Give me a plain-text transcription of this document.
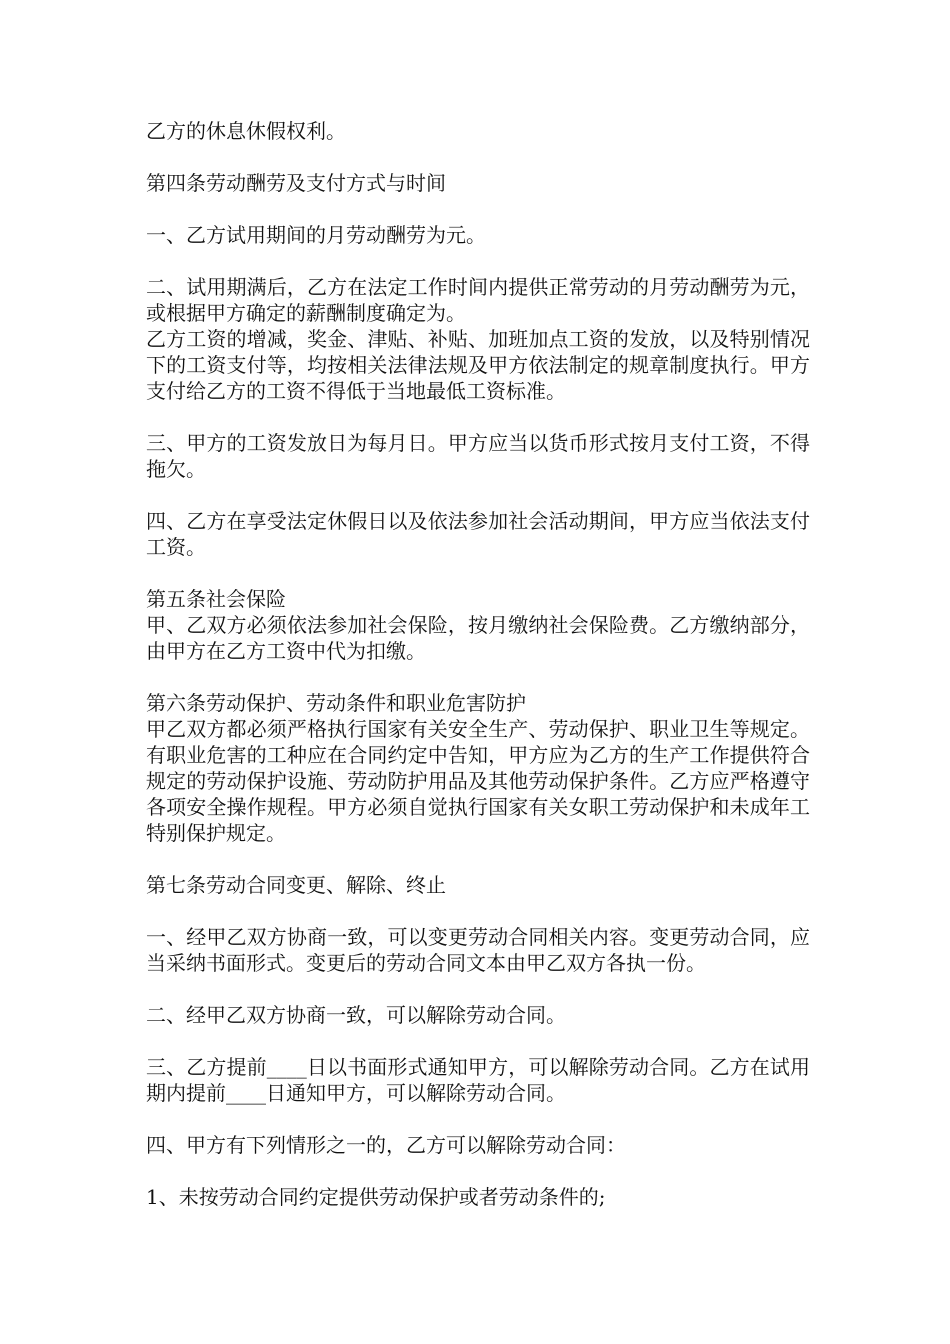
乙方的休息休假权利。

第四条劳动酬劳及支付方式与时间

一、乙方试用期间的月劳动酬劳为元。

二、试用期满后，乙方在法定工作时间内提供正常劳动的月劳动酬劳为元，或根据甲方确定的薪酬制度确定为。

乙方工资的增减，奖金、津贴、补贴、加班加点工资的发放，以及特别情况下的工资支付等，均按相关法律法规及甲方依法制定的规章制度执行。甲方支付给乙方的工资不得低于当地最低工资标准。

三、甲方的工资发放日为每月日。甲方应当以货币形式按月支付工资，不得拖欠。

四、乙方在享受法定休假日以及依法参加社会活动期间，甲方应当依法支付工资。

第五条社会保险

甲、乙双方必须依法参加社会保险，按月缴纳社会保险费。乙方缴纳部分，由甲方在乙方工资中代为扣缴。

第六条劳动保护、劳动条件和职业危害防护

甲乙双方都必须严格执行国家有关安全生产、劳动保护、职业卫生等规定。有职业危害的工种应在合同约定中告知，甲方应为乙方的生产工作提供符合规定的劳动保护设施、劳动防护用品及其他劳动保护条件。乙方应严格遵守各项安全操作规程。甲方必须自觉执行国家有关女职工劳动保护和未成年工特别保护规定。

第七条劳动合同变更、解除、终止

一、经甲乙双方协商一致，可以变更劳动合同相关内容。变更劳动合同，应当采纳书面形式。变更后的劳动合同文本由甲乙双方各执一份。

二、经甲乙双方协商一致，可以解除劳动合同。

三、乙方提前____日以书面形式通知甲方，可以解除劳动合同。乙方在试用期内提前____日通知甲方，可以解除劳动合同。

四、甲方有下列情形之一的，乙方可以解除劳动合同：

1、未按劳动合同约定提供劳动保护或者劳动条件的;
